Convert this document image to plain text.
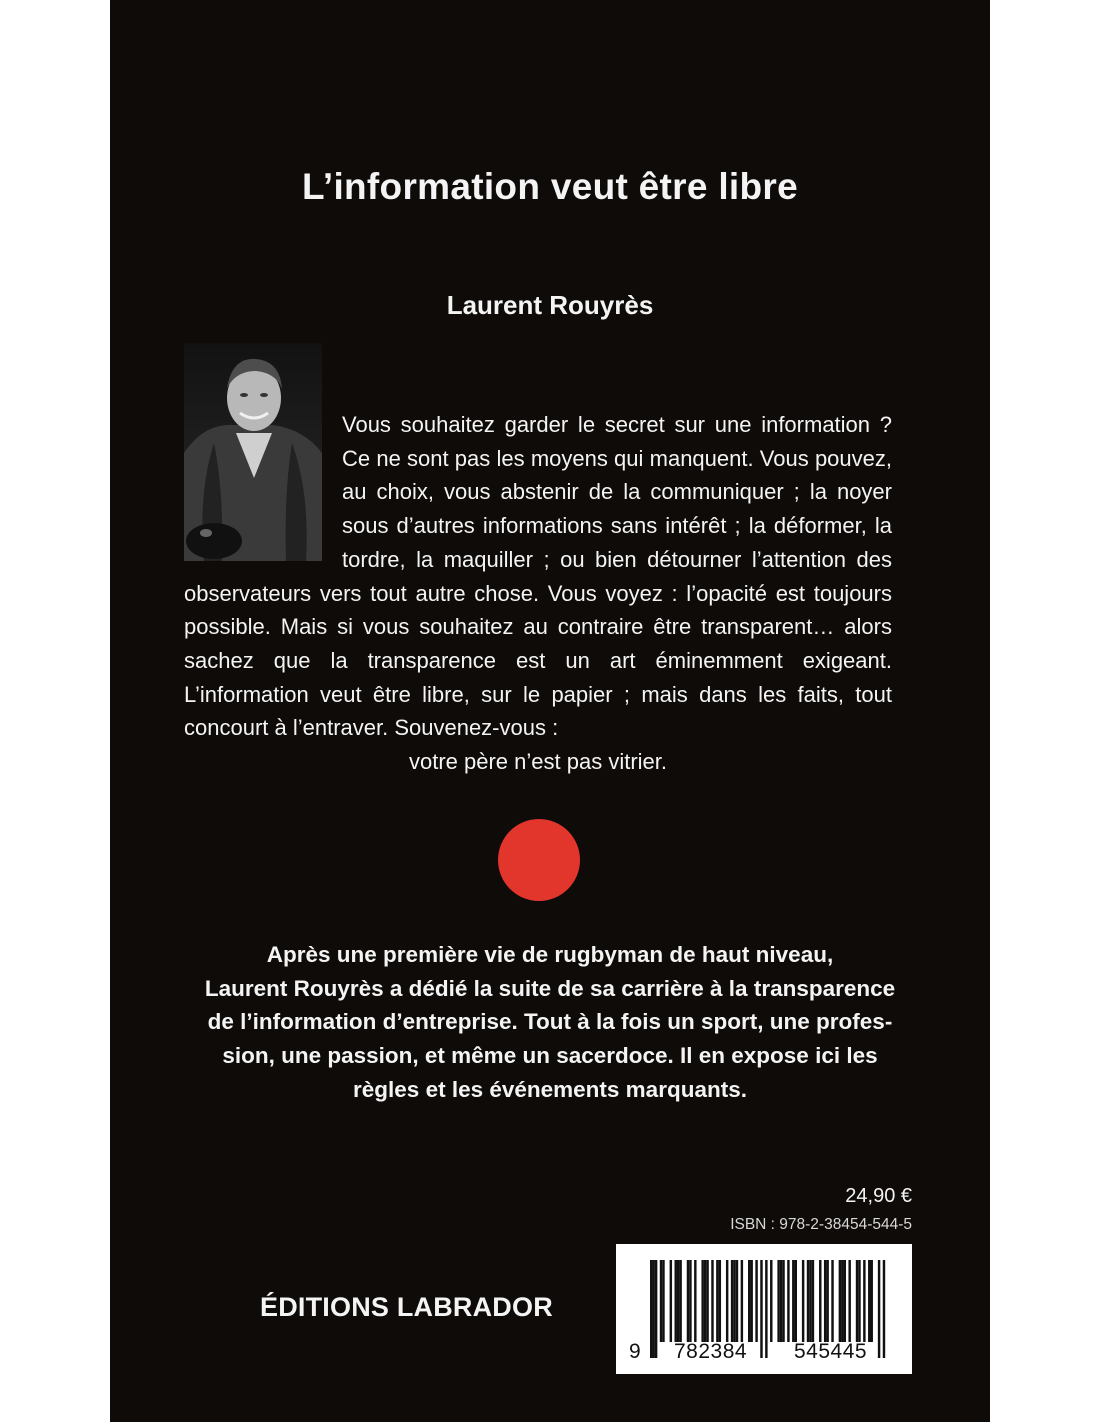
L’information veut être libre
Laurent Rouyrès
Vous souhaitez garder le secret sur une information ? Ce ne sont pas les moyens qui manquent. Vous pouvez, au choix, vous abstenir de la communiquer ; la noyer sous d’autres informations sans intérêt ; la déformer, la tordre, la maquiller ; ou bien détourner l’attention des observateurs vers tout autre chose. Vous voyez : l’opacité est toujours possible. Mais si vous souhaitez au contraire être transparent… alors sachez que la transparence est un art éminemment exigeant. L’information veut être libre, sur le papier ; mais dans les faits, tout concourt à l’entraver. Souvenez-vous :
votre père n’est pas vitrier.
Après une première vie de rugbyman de haut niveau,
Laurent Rouyrès a dédié la suite de sa carrière à la transparence
de l’information d’entreprise. Tout à la fois un sport, une profes-
sion, une passion, et même un sacerdoce. Il en expose ici les
règles et les événements marquants.
24,90 €
ISBN : 978-2-38454-544-5
ÉDITIONS LABRADOR
9 782384 545445
